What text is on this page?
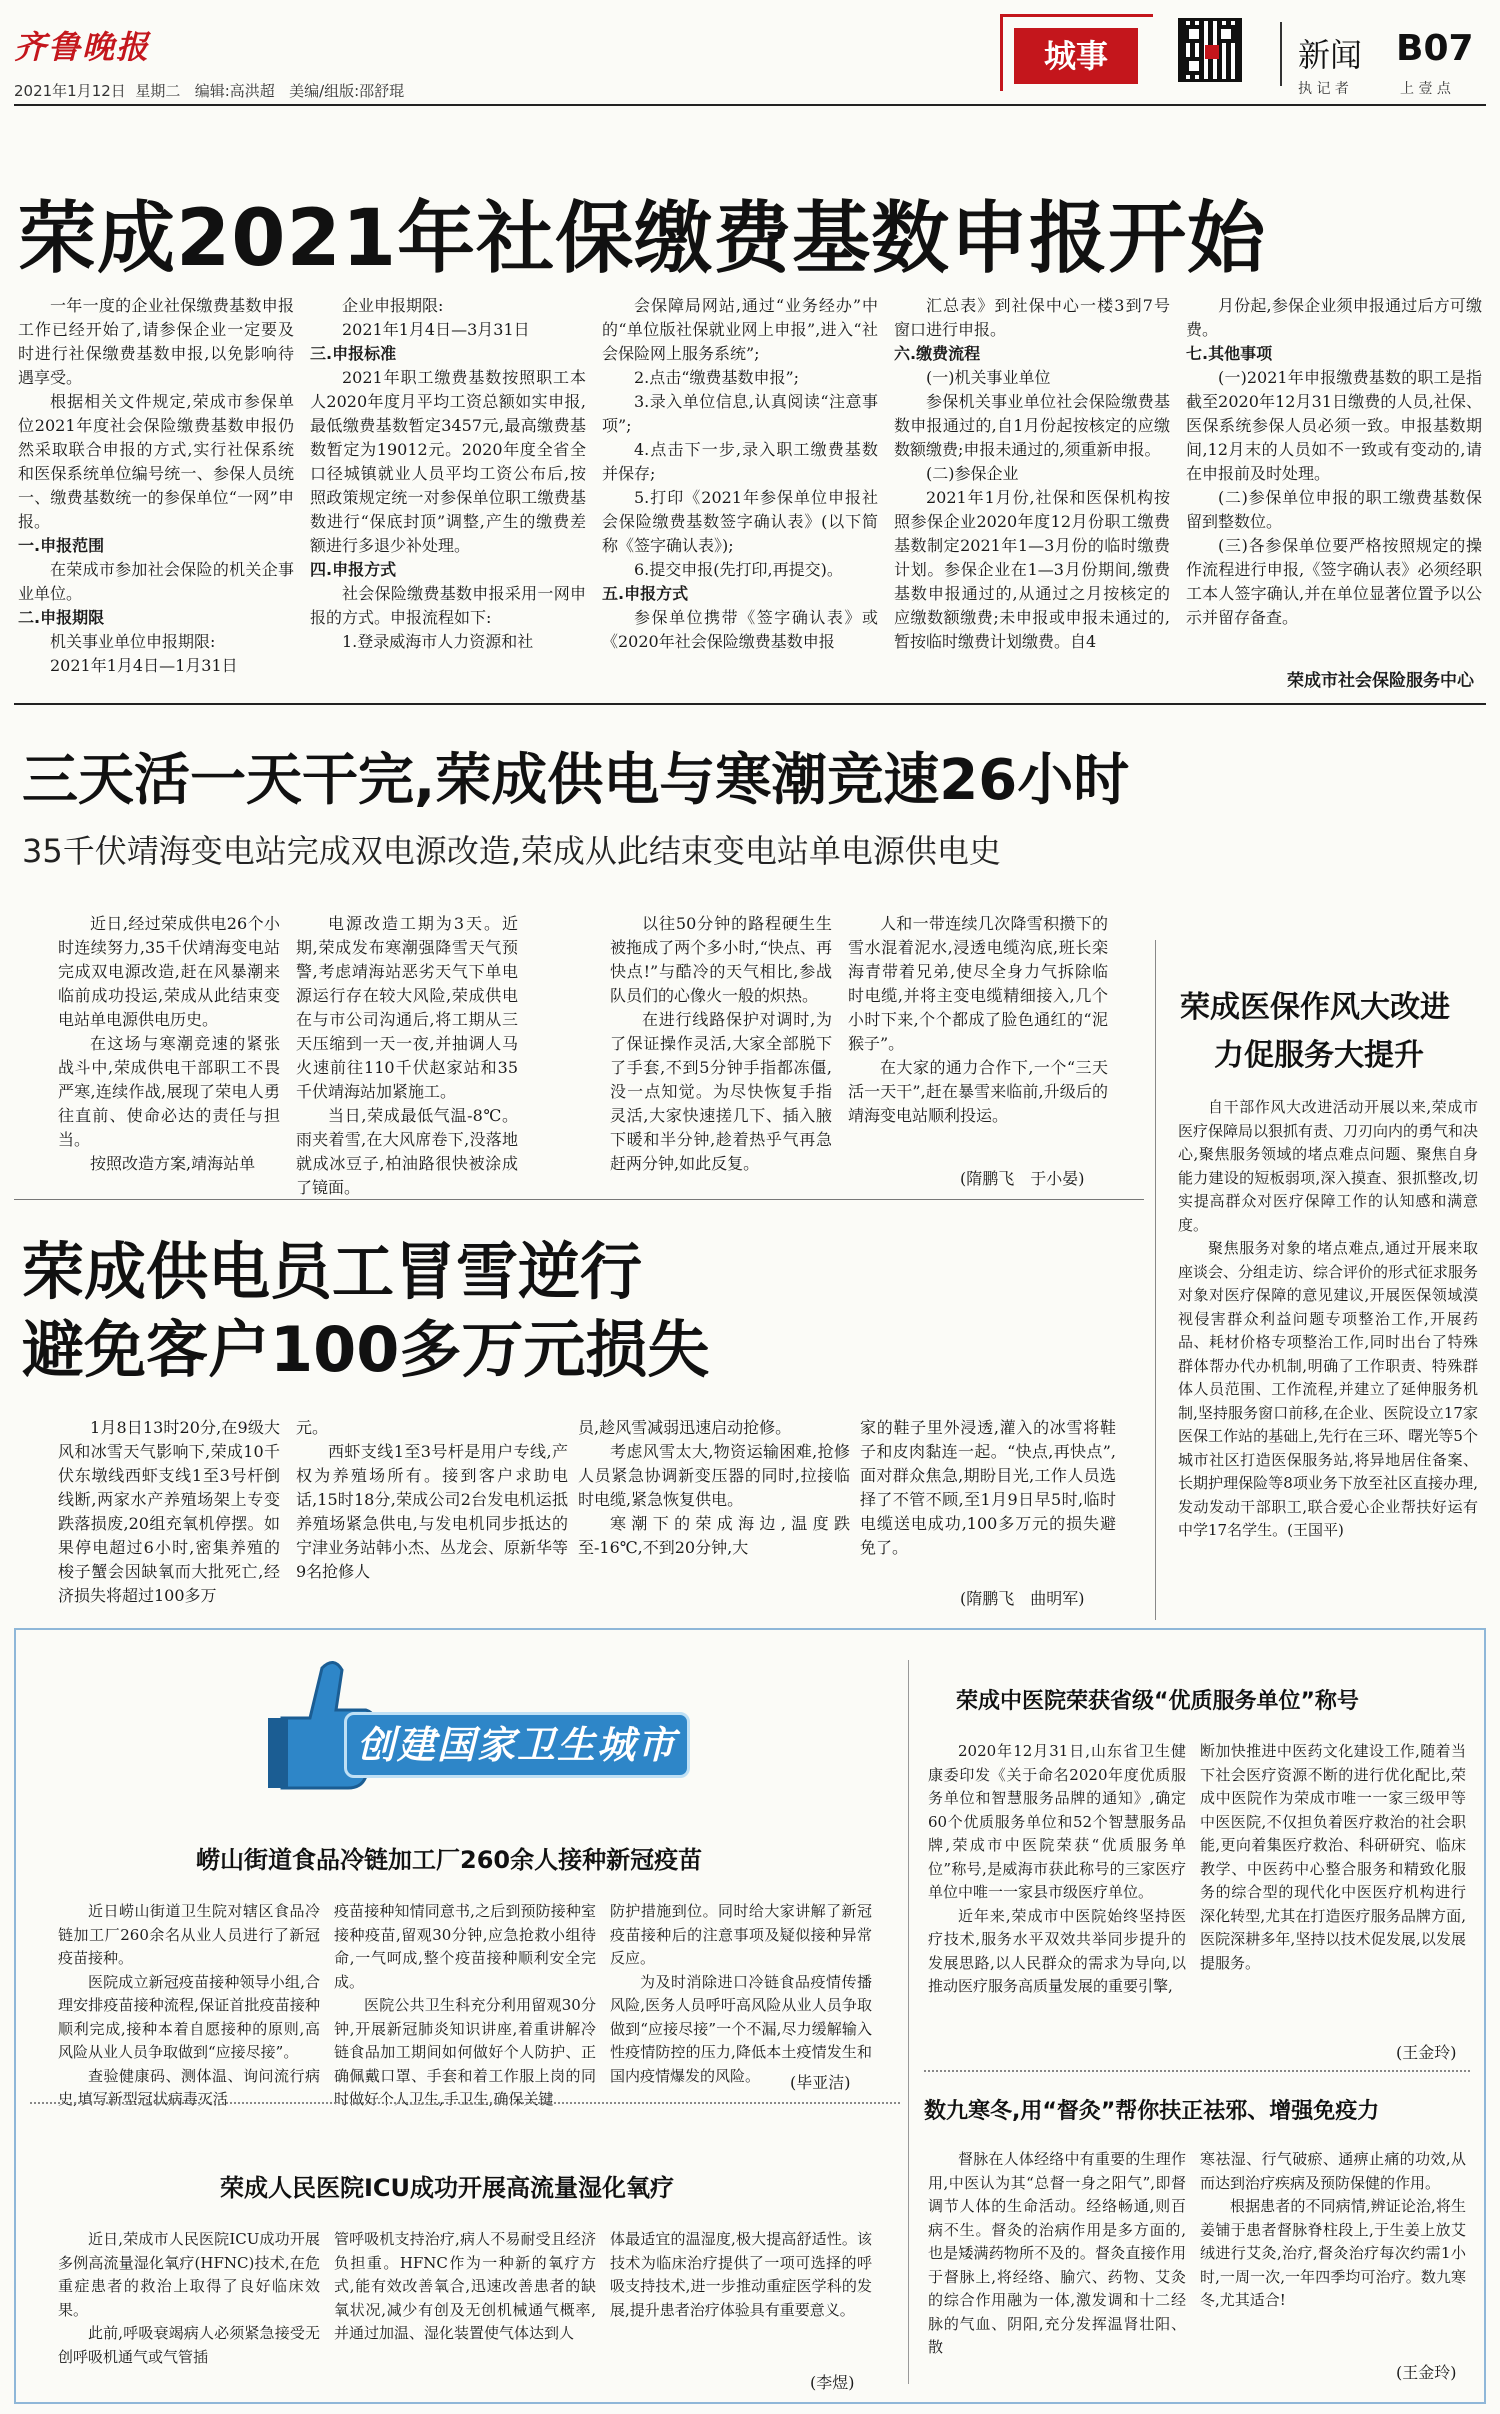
齐鲁晚报
2021年1月12日 星期二 编辑:高洪超 美编/组版:邵舒琨
城事	新闻 B07
执 记 者	上 壹 点
荣成2021年社保缴费基数申报开始

一年一度的企业社保缴费基数申报工作已经开始了,请参保企业一定要及时进行社保缴费基数申报,以免影响待遇享受。

根据相关文件规定,荣成市参保单位2021年度社会保险缴费基数申报仍然采取联合申报的方式,实行社保系统和医保系统单位编号统一、参保人员统一、缴费基数统一的参保单位“一网”申报。

一.申报范围

在荣成市参加社会保险的机关企事业单位。

二.申报期限

机关事业单位申报期限:

2021年1月4日—1月31日

企业申报期限:

2021年1月4日—3月31日

三.申报标准

2021年职工缴费基数按照职工本人2020年度月平均工资总额如实申报,最低缴费基数暂定3457元,最高缴费基数暂定为19012元。2020年度全省全口径城镇就业人员平均工资公布后,按照政策规定统一对参保单位职工缴费基数进行“保底封顶”调整,产生的缴费差额进行多退少补处理。

四.申报方式

社会保险缴费基数申报采用一网申报的方式。申报流程如下:

1.登录威海市人力资源和社

会保障局网站,通过“业务经办”中的“单位版社保就业网上申报”,进入“社会保险网上服务系统”;

2.点击“缴费基数申报”;

3.录入单位信息,认真阅读“注意事项”;

4.点击下一步,录入职工缴费基数并保存;

5.打印《2021年参保单位申报社会保险缴费基数签字确认表》(以下简称《签字确认表》);

6.提交申报(先打印,再提交)。

五.申报方式

参保单位携带《签字确认表》或《2020年社会保险缴费基数申报

汇总表》到社保中心一楼3到7号窗口进行申报。

六.缴费流程

(一)机关事业单位

参保机关事业单位社会保险缴费基数申报通过的,自1月份起按核定的应缴数额缴费;申报未通过的,须重新申报。

(二)参保企业

2021年1月份,社保和医保机构按照参保企业2020年度12月份职工缴费基数制定2021年1—3月份的临时缴费计划。参保企业在1—3月份期间,缴费基数申报通过的,从通过之月按核定的应缴数额缴费;未申报或申报未通过的,暂按临时缴费计划缴费。自4

月份起,参保企业须申报通过后方可缴费。

七.其他事项

(一)2021年申报缴费基数的职工是指截至2020年12月31日缴费的人员,社保、医保系统参保人员必须一致。申报基数期间,12月末的人员如不一致或有变动的,请在申报前及时处理。

(二)参保单位申报的职工缴费基数保留到整数位。

(三)各参保单位要严格按照规定的操作流程进行申报,《签字确认表》必须经职工本人签字确认,并在单位显著位置予以公示并留存备查。

荣成市社会保险服务中心
三天活一天干完,荣成供电与寒潮竞速26小时
35千伏靖海变电站完成双电源改造,荣成从此结束变电站单电源供电史

近日,经过荣成供电26个小时连续努力,35千伏靖海变电站完成双电源改造,赶在风暴潮来临前成功投运,荣成从此结束变电站单电源供电历史。

在这场与寒潮竞速的紧张战斗中,荣成供电干部职工不畏严寒,连续作战,展现了荣电人勇往直前、使命必达的责任与担当。

按照改造方案,靖海站单

电源改造工期为3天。近期,荣成发布寒潮强降雪天气预警,考虑靖海站恶劣天气下单电源运行存在较大风险,荣成供电在与市公司沟通后,将工期从三天压缩到一天一夜,并抽调人马火速前往110千伏赵家站和35千伏靖海站加紧施工。

当日,荣成最低气温-8℃。雨夹着雪,在大风席卷下,没落地就成冰豆子,柏油路很快被涂成了镜面。

以往50分钟的路程硬生生被拖成了两个多小时,“快点、再快点!”与酷冷的天气相比,参战队员们的心像火一般的炽热。

在进行线路保护对调时,为了保证操作灵活,大家全部脱下了手套,不到5分钟手指都冻僵,没一点知觉。为尽快恢复手指灵活,大家快速搓几下、插入腋下暖和半分钟,趁着热乎气再急赶两分钟,如此反复。

人和一带连续几次降雪积攒下的雪水混着泥水,浸透电缆沟底,班长栾海青带着兄弟,使尽全身力气拆除临时电缆,并将主变电缆精细接入,几个小时下来,个个都成了脸色通红的“泥猴子”。

在大家的通力合作下,一个“三天活一天干”,赶在暴雪来临前,升级后的靖海变电站顺利投运。

(隋鹏飞　于小晏)
荣成供电员工冒雪逆行
避免客户100多万元损失

1月8日13时20分,在9级大风和冰雪天气影响下,荣成10千伏东墩线西虾支线1至3号杆倒线断,两家水产养殖场架上专变跌落损废,20组充氧机停摆。如果停电超过6小时,密集养殖的梭子蟹会因缺氧而大批死亡,经济损失将超过100多万

元。

西虾支线1至3号杆是用户专线,产权为养殖场所有。接到客户求助电话,15时18分,荣成公司2台发电机运抵养殖场紧急供电,与发电机同步抵达的宁津业务站韩小杰、丛龙会、原新华等9名抢修人

员,趁风雪减弱迅速启动抢修。

考虑风雪太大,物资运输困难,抢修人员紧急协调新变压器的同时,拉接临时电缆,紧急恢复供电。

寒潮下的荣成海边,温度跌至-16℃,不到20分钟,大

家的鞋子里外浸透,灌入的冰雪将鞋子和皮肉黏连一起。“快点,再快点”,面对群众焦急,期盼目光,工作人员选择了不管不顾,至1月9日早5时,临时电缆送电成功,100多万元的损失避免了。

(隋鹏飞　曲明军)
荣成医保作风大改进
力促服务大提升

自干部作风大改进活动开展以来,荣成市医疗保障局以狠抓有责、刀刃向内的勇气和决心,聚焦服务领域的堵点难点问题、聚焦自身能力建设的短板弱项,深入摸查、狠抓整改,切实提高群众对医疗保障工作的认知感和满意度。

聚焦服务对象的堵点难点,通过开展来取座谈会、分组走访、综合评价的形式征求服务对象对医疗保障的意见建议,开展医保领域漠视侵害群众利益问题专项整治工作,开展药品、耗材价格专项整治工作,同时出台了特殊群体帮办代办机制,明确了工作职责、特殊群体人员范围、工作流程,并建立了延伸服务机制,坚持服务窗口前移,在企业、医院设立17家医保工作站的基础上,先行在三环、曙光等5个城市社区打造医保服务站,将异地居住备案、长期护理保险等8项业务下放至社区直接办理,发动发动干部职工,联合爱心企业帮扶好运有中学17名学生。(王国平)

创建国家卫生城市
崂山街道食品冷链加工厂260余人接种新冠疫苗

近日崂山街道卫生院对辖区食品冷链加工厂260余名从业人员进行了新冠疫苗接种。

医院成立新冠疫苗接种领导小组,合理安排疫苗接种流程,保证首批疫苗接种顺利完成,接种本着自愿接种的原则,高风险从业人员争取做到“应接尽接”。

查验健康码、测体温、询问流行病史,填写新型冠状病毒灭活

疫苗接种知情同意书,之后到预防接种室接种疫苗,留观30分钟,应急抢救小组待命,一气呵成,整个疫苗接种顺利安全完成。

医院公共卫生科充分利用留观30分钟,开展新冠肺炎知识讲座,着重讲解冷链食品加工期间如何做好个人防护、正确佩戴口罩、手套和着工作服上岗的同时做好个人卫生,手卫生,确保关键

防护措施到位。同时给大家讲解了新冠疫苗接种后的注意事项及疑似接种异常反应。

为及时消除进口冷链食品疫情传播风险,医务人员呼吁高风险从业人员争取做到“应接尽接”一个不漏,尽力缓解输入性疫情防控的压力,降低本土疫情发生和国内疫情爆发的风险。	(毕亚洁)
荣成人民医院ICU成功开展高流量湿化氧疗

近日,荣成市人民医院ICU成功开展多例高流量湿化氧疗(HFNC)技术,在危重症患者的救治上取得了良好临床效果。

此前,呼吸衰竭病人必须紧急接受无创呼吸机通气或气管插

管呼吸机支持治疗,病人不易耐受且经济负担重。HFNC作为一种新的氧疗方式,能有效改善氧合,迅速改善患者的缺氧状况,减少有创及无创机械通气概率,并通过加温、湿化装置使气体达到人

体最适宜的温湿度,极大提高舒适性。该技术为临床治疗提供了一项可选择的呼吸支持技术,进一步推动重症医学科的发展,提升患者治疗体验具有重要意义。

(李煜)
荣成中医院荣获省级“优质服务单位”称号

2020年12月31日,山东省卫生健康委印发《关于命名2020年度优质服务单位和智慧服务品牌的通知》,确定60个优质服务单位和52个智慧服务品牌,荣成市中医院荣获“优质服务单位”称号,是威海市获此称号的三家医疗单位中唯一一家县市级医疗单位。

近年来,荣成市中医院始终坚持医疗技术,服务水平双效共举同步提升的发展思路,以人民群众的需求为导向,以推动医疗服务高质量发展的重要引擎,

断加快推进中医药文化建设工作,随着当下社会医疗资源不断的进行优化配比,荣成中医院作为荣成市唯一一家三级甲等中医医院,不仅担负着医疗救治的社会职能,更向着集医疗救治、科研研究、临床教学、中医药中心整合服务和精致化服务的综合型的现代化中医医疗机构进行深化转型,尤其在打造医疗服务品牌方面,医院深耕多年,坚持以技术促发展,以发展提服务。

(王金玲)
数九寒冬,用“督灸”帮你扶正祛邪、增强免疫力

督脉在人体经络中有重要的生理作用,中医认为其“总督一身之阳气”,即督调节人体的生命活动。经络畅通,则百病不生。督灸的治病作用是多方面的,也是矮满药物所不及的。督灸直接作用于督脉上,将经络、腧穴、药物、艾灸的综合作用融为一体,激发调和十二经脉的气血、阴阳,充分发挥温肾壮阳、散

寒祛湿、行气破瘀、通痹止痛的功效,从而达到治疗疾病及预防保健的作用。

根据患者的不同病情,辨证论治,将生姜铺于患者督脉脊柱段上,于生姜上放艾绒进行艾灸,治疗,督灸治疗每次约需1小时,一周一次,一年四季均可治疗。数九寒冬,尤其适合!

(王金玲)
